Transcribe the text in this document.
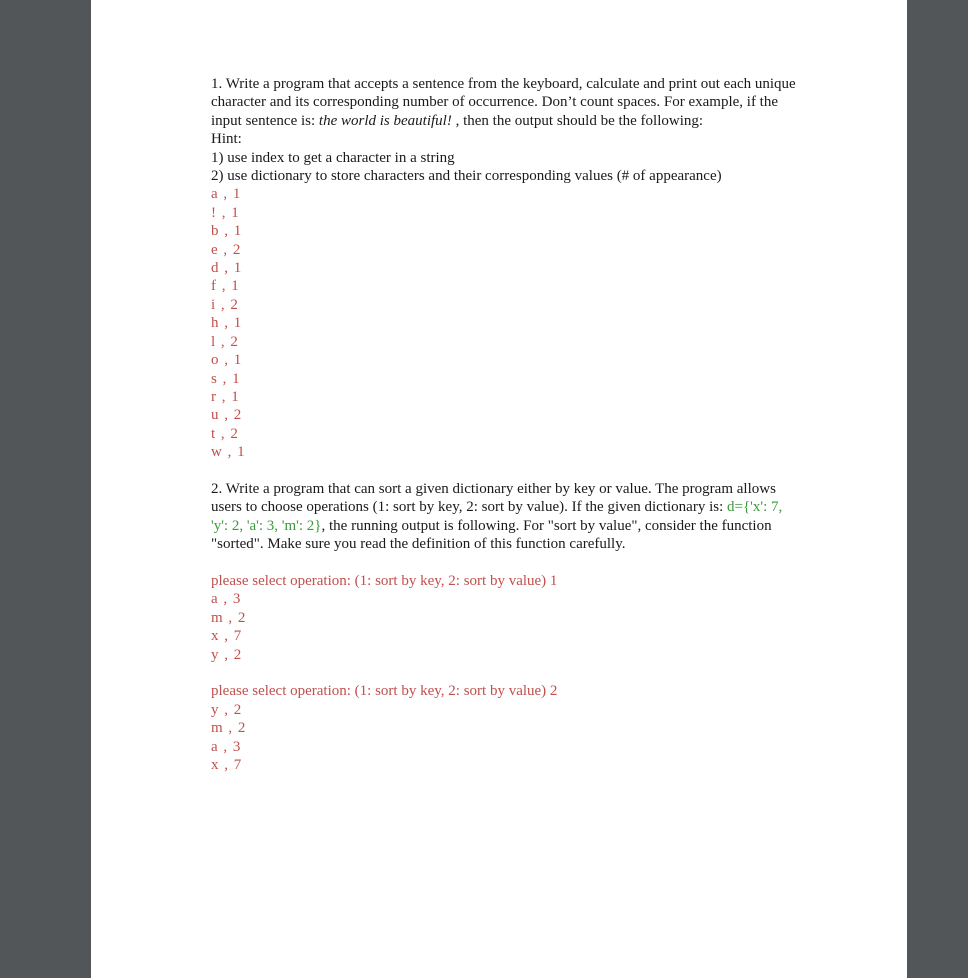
1. Write a program that accepts a sentence from the keyboard, calculate and print out each unique character and its corresponding number of occurrence. Don’t count spaces. For example, if the input sentence is: the world is beautiful! , then the output should be the following:

Hint:

1) use index to get a character in a string

2) use dictionary to store characters and their corresponding values (# of appearance)

a , 1

! , 1

b , 1

e , 2

d , 1

f , 1

i , 2

h , 1

l , 2

o , 1

s , 1

r , 1

u , 2

t , 2

w , 1

2. Write a program that can sort a given dictionary either by key or value. The program allows users to choose operations (1: sort by key, 2: sort by value). If the given dictionary is: d={'x': 7, 'y': 2, 'a': 3, 'm': 2}, the running output is following. For "sort by value", consider the function "sorted". Make sure you read the definition of this function carefully.

please select operation: (1: sort by key, 2: sort by value) 1

a , 3

m , 2

x , 7

y , 2

please select operation: (1: sort by key, 2: sort by value) 2

y , 2

m , 2

a , 3

x , 7
